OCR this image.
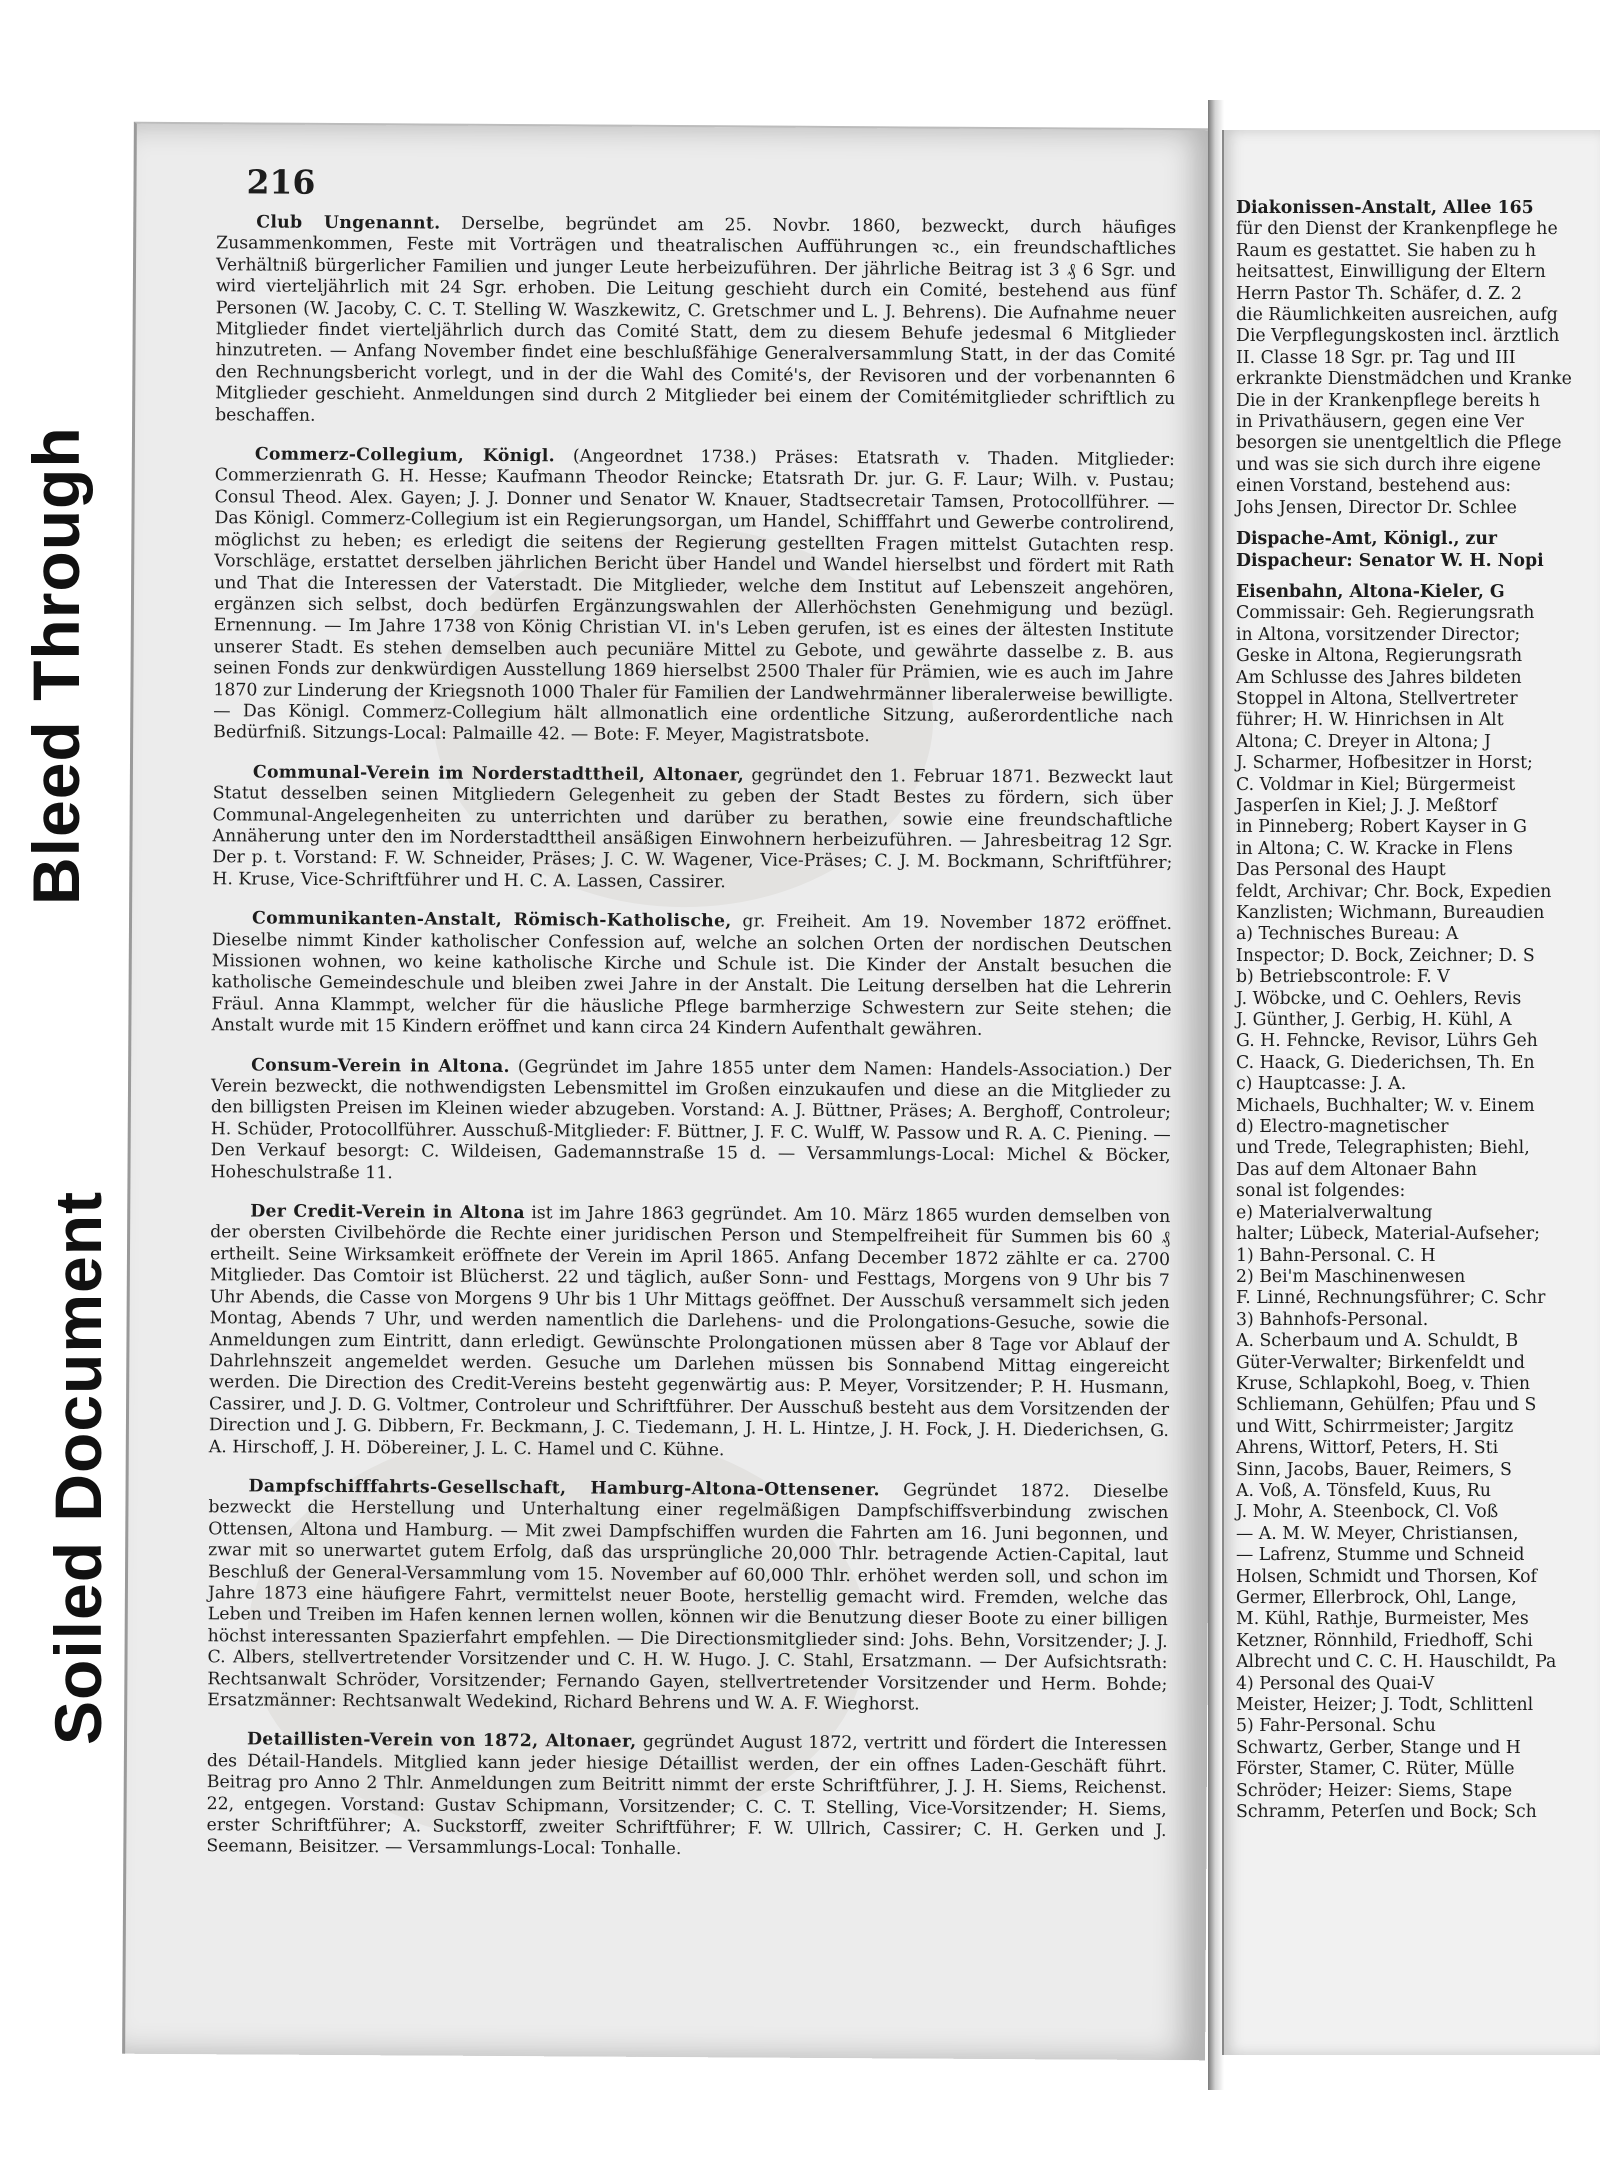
Bleed Through
Soiled Document
216

Club Ungenannt. Derselbe, begründet am 25. Novbr. 1860, bezweckt, durch häufiges Zusammenkommen, Feste mit Vorträgen und theatralischen Aufführungen ꝛc., ein freundschaftliches Verhältniß bürgerlicher Familien und junger Leute herbeizuführen. Der jährliche Beitrag ist 3 ₰ 6 Sgr. und wird vierteljährlich mit 24 Sgr. erhoben. Die Leitung geschieht durch ein Comité, bestehend aus fünf Personen (W. Jacoby, C. C. T. Stelling W. Waszkewitz, C. Gretschmer und L. J. Behrens). Die Aufnahme neuer Mitglieder findet vierteljährlich durch das Comité Statt, dem zu diesem Behufe jedesmal 6 Mitglieder hinzutreten. — Anfang November findet eine beschlußfähige Generalversammlung Statt, in der das Comité den Rechnungsbericht vorlegt, und in der die Wahl des Comité's, der Revisoren und der vorbenannten 6 Mitglieder geschieht. Anmeldungen sind durch 2 Mitglieder bei einem der Comitémitglieder schriftlich zu beschaffen.

Commerz-Collegium, Königl. (Angeordnet 1738.) Präses: Etatsrath v. Thaden. Mitglieder: Commerzienrath G. H. Hesse; Kaufmann Theodor Reincke; Etatsrath Dr. jur. G. F. Laur; Wilh. v. Pustau; Consul Theod. Alex. Gayen; J. J. Donner und Senator W. Knauer, Stadtsecretair Tamsen, Protocollführer. — Das Königl. Commerz-Collegium ist ein Regierungsorgan, um Handel, Schifffahrt und Gewerbe controlirend, möglichst zu heben; es erledigt die seitens der Regierung gestellten Fragen mittelst Gutachten resp. Vorschläge, erstattet derselben jährlichen Bericht über Handel und Wandel hierselbst und fördert mit Rath und That die Interessen der Vaterstadt. Die Mitglieder, welche dem Institut auf Lebenszeit angehören, ergänzen sich selbst, doch bedürfen Ergänzungswahlen der Allerhöchsten Genehmigung und bezügl. Ernennung. — Im Jahre 1738 von König Christian VI. in's Leben gerufen, ist es eines der ältesten Institute unserer Stadt. Es stehen demselben auch pecuniäre Mittel zu Gebote, und gewährte dasselbe z. B. aus seinen Fonds zur denkwürdigen Ausstellung 1869 hierselbst 2500 Thaler für Prämien, wie es auch im Jahre 1870 zur Linderung der Kriegsnoth 1000 Thaler für Familien der Landwehrmänner liberalerweise bewilligte. — Das Königl. Commerz-Collegium hält allmonatlich eine ordentliche Sitzung, außerordentliche nach Bedürfniß. Sitzungs-Local: Palmaille 42. — Bote: F. Meyer, Magistratsbote.

Communal-Verein im Norderstadttheil, Altonaer, gegründet den 1. Februar 1871. Bezweckt laut Statut desselben seinen Mitgliedern Gelegenheit zu geben der Stadt Bestes zu fördern, sich über Communal-Angelegenheiten zu unterrichten und darüber zu berathen, sowie eine freundschaftliche Annäherung unter den im Norderstadttheil ansäßigen Einwohnern herbeizuführen. — Jahresbeitrag 12 Sgr. Der p. t. Vorstand: F. W. Schneider, Präses; J. C. W. Wagener, Vice-Präses; C. J. M. Bockmann, Schriftführer; H. Kruse, Vice-Schriftführer und H. C. A. Lassen, Cassirer.

Communikanten-Anstalt, Römisch-Katholische, gr. Freiheit. Am 19. November 1872 eröffnet. Dieselbe nimmt Kinder katholischer Confession auf, welche an solchen Orten der nordischen Deutschen Missionen wohnen, wo keine katholische Kirche und Schule ist. Die Kinder der Anstalt besuchen die katholische Gemeindeschule und bleiben zwei Jahre in der Anstalt. Die Leitung derselben hat die Lehrerin Fräul. Anna Klammpt, welcher für die häusliche Pflege barmherzige Schwestern zur Seite stehen; die Anstalt wurde mit 15 Kindern eröffnet und kann circa 24 Kindern Aufenthalt gewähren.

Consum-Verein in Altona. (Gegründet im Jahre 1855 unter dem Namen: Handels-Association.) Der Verein bezweckt, die nothwendigsten Lebensmittel im Großen einzukaufen und diese an die Mitglieder zu den billigsten Preisen im Kleinen wieder abzugeben. Vorstand: A. J. Büttner, Präses; A. Berghoff, Controleur; H. Schüder, Protocollführer. Ausschuß-Mitglieder: F. Büttner, J. F. C. Wulff, W. Passow und R. A. C. Piening. — Den Verkauf besorgt: C. Wildeisen, Gademannstraße 15 d. — Versammlungs-Local: Michel & Böcker, Hoheschulstraße 11.

Der Credit-Verein in Altona ist im Jahre 1863 gegründet. Am 10. März 1865 wurden demselben von der obersten Civilbehörde die Rechte einer juridischen Person und Stempelfreiheit für Summen bis 60 ₰ ertheilt. Seine Wirksamkeit eröffnete der Verein im April 1865. Anfang December 1872 zählte er ca. 2700 Mitglieder. Das Comtoir ist Blücherst. 22 und täglich, außer Sonn- und Festtags, Morgens von 9 Uhr bis 7 Uhr Abends, die Casse von Morgens 9 Uhr bis 1 Uhr Mittags geöffnet. Der Ausschuß versammelt sich jeden Montag, Abends 7 Uhr, und werden namentlich die Darlehens- und die Prolongations-Gesuche, sowie die Anmeldungen zum Eintritt, dann erledigt. Gewünschte Prolongationen müssen aber 8 Tage vor Ablauf der Dahrlehnszeit angemeldet werden. Gesuche um Darlehen müssen bis Sonnabend Mittag eingereicht werden. Die Direction des Credit-Vereins besteht gegenwärtig aus: P. Meyer, Vorsitzender; P. H. Husmann, Cassirer, und J. D. G. Voltmer, Controleur und Schriftführer. Der Ausschuß besteht aus dem Vorsitzenden der Direction und J. G. Dibbern, Fr. Beckmann, J. C. Tiedemann, J. H. L. Hintze, J. H. Fock, J. H. Diederichsen, G. A. Hirschoff, J. H. Döbereiner, J. L. C. Hamel und C. Kühne.

Dampfschifffahrts-Gesellschaft, Hamburg-Altona-Ottensener. Gegründet 1872. Dieselbe bezweckt die Herstellung und Unterhaltung einer regelmäßigen Dampfschiffsverbindung zwischen Ottensen, Altona und Hamburg. — Mit zwei Dampfschiffen wurden die Fahrten am 16. Juni begonnen, und zwar mit so unerwartet gutem Erfolg, daß das ursprüngliche 20,000 Thlr. betragende Actien-Capital, laut Beschluß der General-Versammlung vom 15. November auf 60,000 Thlr. erhöhet werden soll, und schon im Jahre 1873 eine häufigere Fahrt, vermittelst neuer Boote, herstellig gemacht wird. Fremden, welche das Leben und Treiben im Hafen kennen lernen wollen, können wir die Benutzung dieser Boote zu einer billigen höchst interessanten Spazierfahrt empfehlen. — Die Directionsmitglieder sind: Johs. Behn, Vorsitzender; J. J. C. Albers, stellvertretender Vorsitzender und C. H. W. Hugo. J. C. Stahl, Ersatzmann. — Der Aufsichtsrath: Rechtsanwalt Schröder, Vorsitzender; Fernando Gayen, stellvertretender Vorsitzender und Herm. Bohde; Ersatzmänner: Rechtsanwalt Wedekind, Richard Behrens und W. A. F. Wieghorst.

Detaillisten-Verein von 1872, Altonaer, gegründet August 1872, vertritt und fördert die Interessen des Détail-Handels. Mitglied kann jeder hiesige Détaillist werden, der ein offnes Laden-Geschäft führt. Beitrag pro Anno 2 Thlr. Anmeldungen zum Beitritt nimmt der erste Schriftführer, J. J. H. Siems, Reichenst. 22, entgegen. Vorstand: Gustav Schipmann, Vorsitzender; C. C. T. Stelling, Vice-Vorsitzender; H. Siems, erster Schriftführer; A. Suckstorff, zweiter Schriftführer; F. W. Ullrich, Cassirer; C. H. Gerken und J. Seemann, Beisitzer. — Versammlungs-Local: Tonhalle.

Diakonissen-Anstalt, Allee 165
für den Dienst der Krankenpflege he
Raum es gestattet. Sie haben zu h
heitsattest, Einwilligung der Eltern
Herrn Pastor Th. Schäfer, d. Z. 2
die Räumlichkeiten ausreichen, aufg
Die Verpflegungskosten incl. ärztlich
II. Classe 18 Sgr. pr. Tag und III
erkrankte Dienstmädchen und Kranke
Die in der Krankenpflege bereits h
in Privathäusern, gegen eine Ver
besorgen sie unentgeltlich die Pflege
und was sie sich durch ihre eigene
einen Vorstand, bestehend aus:
Johs Jensen, Director Dr. Schlee
Dispache-Amt, Königl., zur
Dispacheur: Senator W. H. Nopi
Eisenbahn, Altona-Kieler, G
Commissair: Geh. Regierungsrath
in Altona, vorsitzender Director;
Geske in Altona, Regierungsrath
Am Schlusse des Jahres bildeten
Stoppel in Altona, Stellvertreter
führer; H. W. Hinrichsen in Alt
Altona; C. Dreyer in Altona; J
J. Scharmer, Hofbesitzer in Horst;
C. Voldmar in Kiel; Bürgermeist
Jasperſen in Kiel; J. J. Meßtorf
in Pinneberg; Robert Kayser in G
in Altona; C. W. Kracke in Flens
Das Personal des Haupt
feldt, Archivar; Chr. Bock, Expedien
Kanzlisten; Wichmann, Bureaudien
a) Technisches Bureau: A
Inspector; D. Bock, Zeichner; D. S
b) Betriebscontrole: F. V
J. Wöbcke, und C. Oehlers, Revis
J. Günther, J. Gerbig, H. Kühl, A
G. H. Fehncke, Revisor, Lührs Geh
C. Haack, G. Diederichsen, Th. En
c) Hauptcasse: J. A.
Michaels, Buchhalter; W. v. Einem
d) Electro-magnetischer
und Trede, Telegraphisten; Biehl,
Das auf dem Altonaer Bahn
sonal ist folgendes:
e) Materialverwaltung
halter; Lübeck, Material-Aufseher;
1) Bahn-Personal. C. H
2) Bei'm Maschinenwesen
F. Linné, Rechnungsführer; C. Schr
3) Bahnhofs-Personal.
A. Scherbaum und A. Schuldt, B
Güter-Verwalter; Birkenfeldt und
Kruse, Schlapkohl, Boeg, v. Thien
Schliemann, Gehülfen; Pfau und S
und Witt, Schirrmeister; Jargitz
Ahrens, Wittorf, Peters, H. Sti
Sinn, Jacobs, Bauer, Reimers, S
A. Voß, A. Tönsfeld, Kuus, Ru
J. Mohr, A. Steenbock, Cl. Voß
— A. M. W. Meyer, Christiansen,
— Lafrenz, Stumme und Schneid
Holsen, Schmidt und Thorsen, Kof
Germer, Ellerbrock, Ohl, Lange,
M. Kühl, Rathje, Burmeister, Mes
Ketzner, Rönnhild, Friedhoff, Schi
Albrecht und C. C. H. Hauschildt, Pa
4) Personal des Quai-V
Meister, Heizer; J. Todt, Schlittenl
5) Fahr-Personal. Schu
Schwartz, Gerber, Stange und H
Förster, Stamer, C. Rüter, Mülle
Schröder; Heizer: Siems, Stape
Schramm, Peterſen und Bock; Sch
